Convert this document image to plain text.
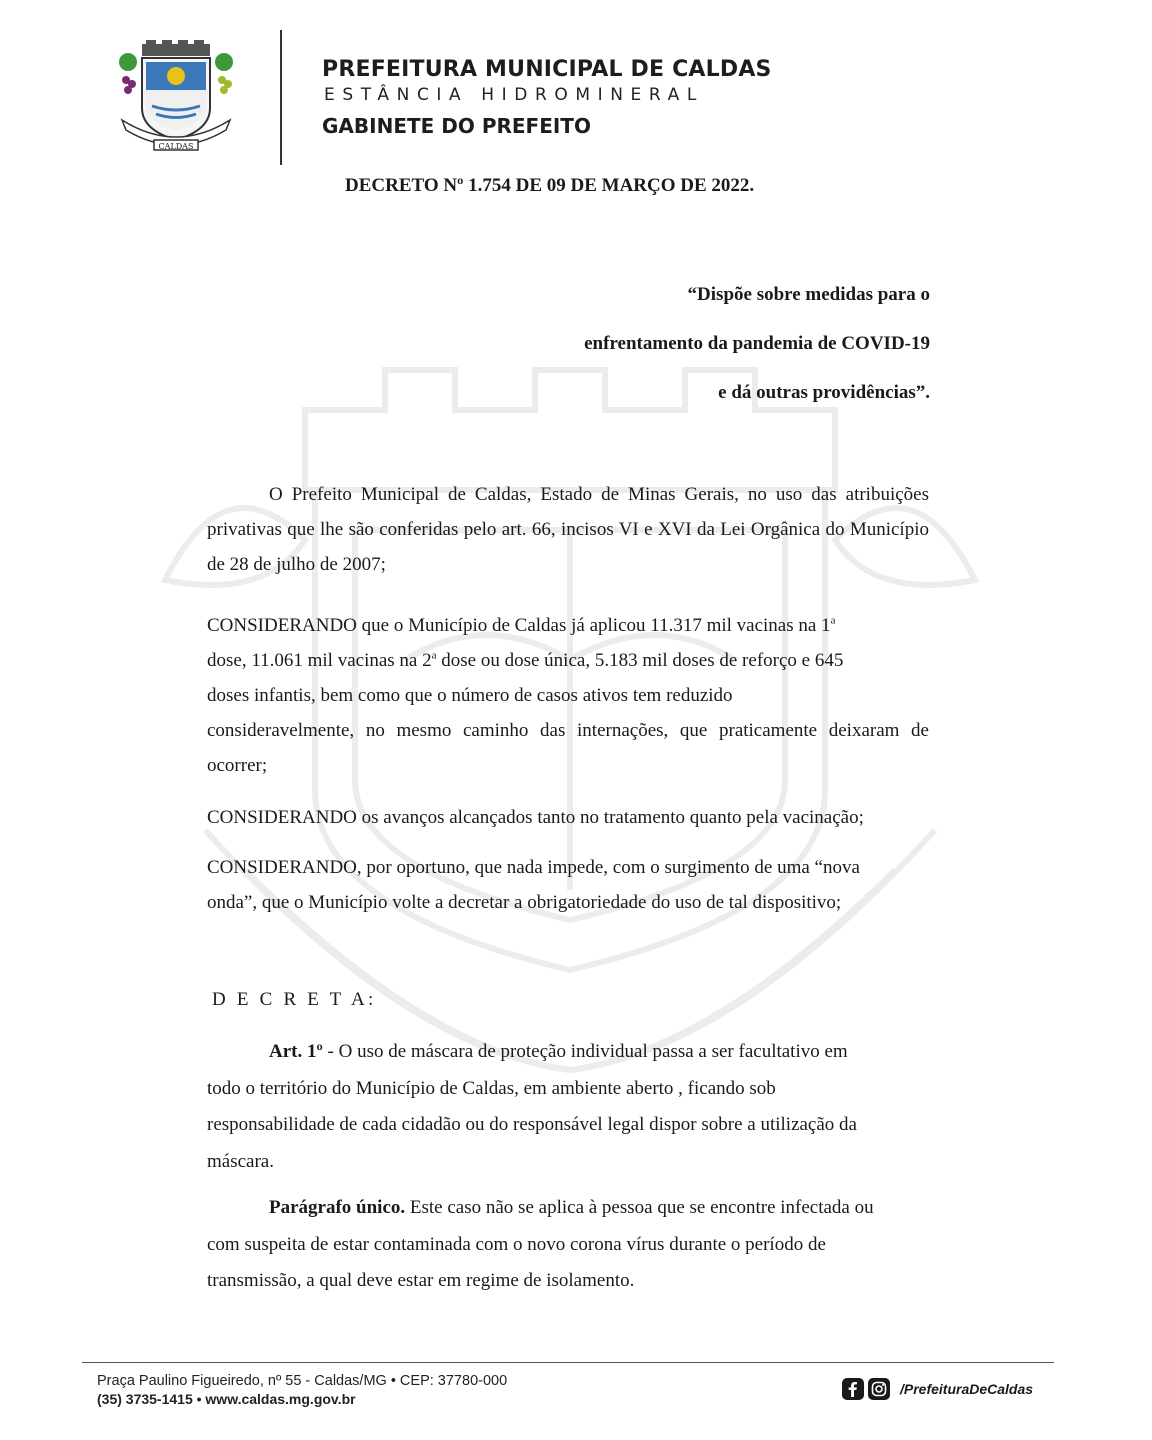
CALDAS
PREFEITURA MUNICIPAL DE CALDAS
ESTÂNCIA HIDROMINERAL
GABINETE DO PREFEITO
DECRETO Nº 1.754 DE 09 DE MARÇO DE 2022.
“Dispõe sobre medidas para o
enfrentamento da pandemia de COVID-19
e dá outras providências”.

O Prefeito Municipal de Caldas, Estado de Minas Gerais, no uso das atribuições privativas que lhe são conferidas pelo art. 66, incisos VI e XVI da Lei Orgânica do Município de 28 de julho de 2007;

CONSIDERANDO que o Município de Caldas já aplicou 11.317 mil vacinas na 1$^a$
dose, 11.061 mil vacinas na 2$^a$ dose ou dose única, 5.183 mil doses de reforço e 645
doses infantis, bem como que o número de casos ativos tem reduzido
consideravelmente, no mesmo caminho das internações, que praticamente deixaram de ocorrer;

CONSIDERANDO os avanços alcançados tanto no tratamento quanto pela vacinação;

CONSIDERANDO, por oportuno, que nada impede, com o surgimento de uma “nova
onda”, que o Município volte a decretar a obrigatoriedade do uso de tal dispositivo;

D E C R E T A:

Art. 1º - O uso de máscara de proteção individual passa a ser facultativo em
todo o território do Município de Caldas, em ambiente aberto , ficando sob
responsabilidade de cada cidadão ou do responsável legal dispor sobre a utilização da
máscara.
Parágrafo único. Este caso não se aplica à pessoa que se encontre infectada ou
com suspeita de estar contaminada com o novo corona vírus durante o período de
transmissão, a qual deve estar em regime de isolamento.
Praça Paulino Figueiredo, nº 55 - Caldas/MG • CEP: 37780-000
(35) 3735-1415 • www.caldas.mg.gov.br
/PrefeituraDeCaldas
